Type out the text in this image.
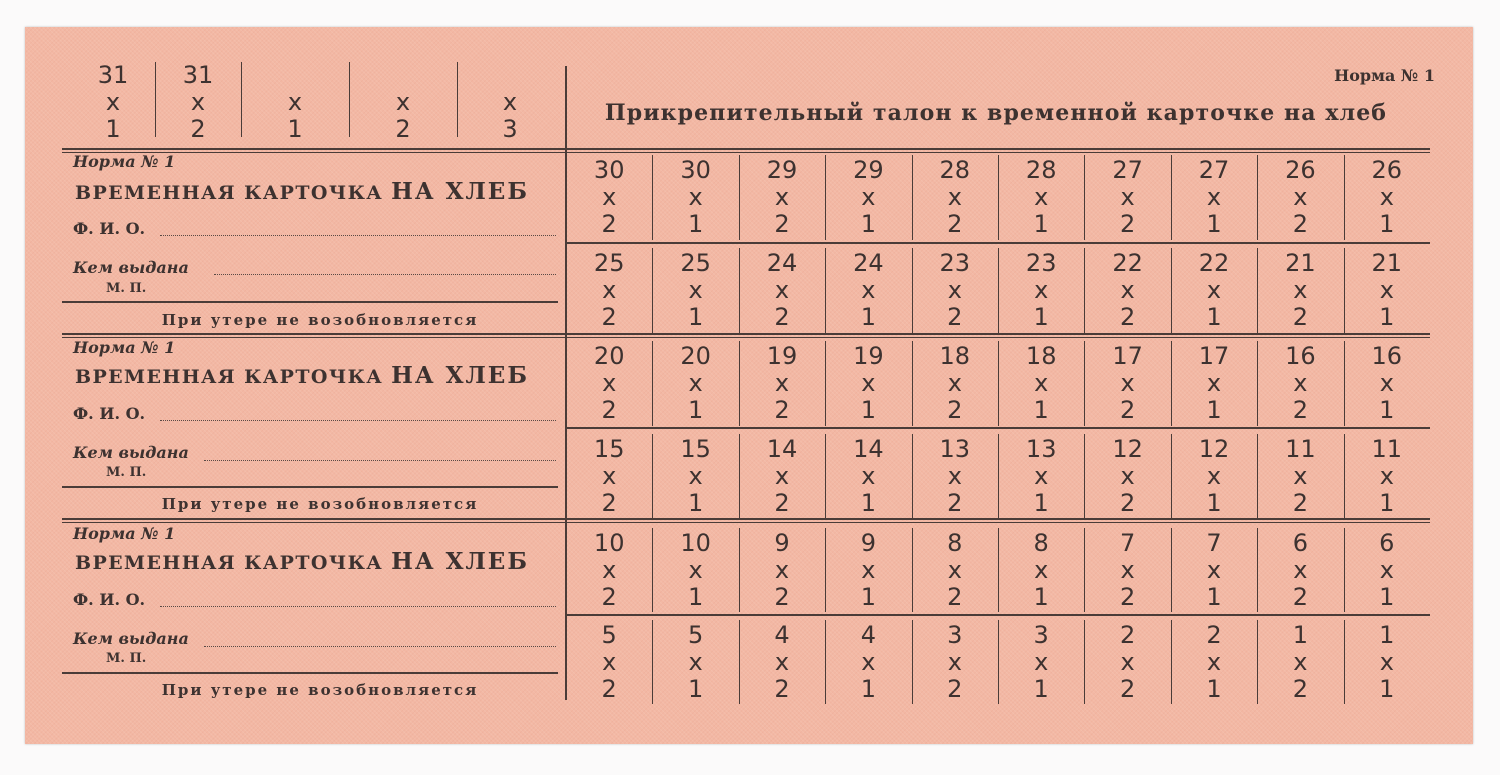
31
x
1
31
x
2
x
1
x
2
x
3
Норма № 1
Прикрепительный талон к временной карточке на хлеб
Норма № 1
ВРЕМЕННАЯ КАРТОЧКА НА ХЛЕБ
Ф. И. О.
Кем выдана
М. П.
При утере не возобновляется
Норма № 1
ВРЕМЕННАЯ КАРТОЧКА НА ХЛЕБ
Ф. И. О.
Кем выдана
М. П.
При утере не возобновляется
Норма № 1
ВРЕМЕННАЯ КАРТОЧКА НА ХЛЕБ
Ф. И. О.
Кем выдана
М. П.
При утере не возобновляется
30
x
2
30
x
1
29
x
2
29
x
1
28
x
2
28
x
1
27
x
2
27
x
1
26
x
2
26
x
1
25
x
2
25
x
1
24
x
2
24
x
1
23
x
2
23
x
1
22
x
2
22
x
1
21
x
2
21
x
1
20
x
2
20
x
1
19
x
2
19
x
1
18
x
2
18
x
1
17
x
2
17
x
1
16
x
2
16
x
1
15
x
2
15
x
1
14
x
2
14
x
1
13
x
2
13
x
1
12
x
2
12
x
1
11
x
2
11
x
1
10
x
2
10
x
1
9
x
2
9
x
1
8
x
2
8
x
1
7
x
2
7
x
1
6
x
2
6
x
1
5
x
2
5
x
1
4
x
2
4
x
1
3
x
2
3
x
1
2
x
2
2
x
1
1
x
2
1
x
1
